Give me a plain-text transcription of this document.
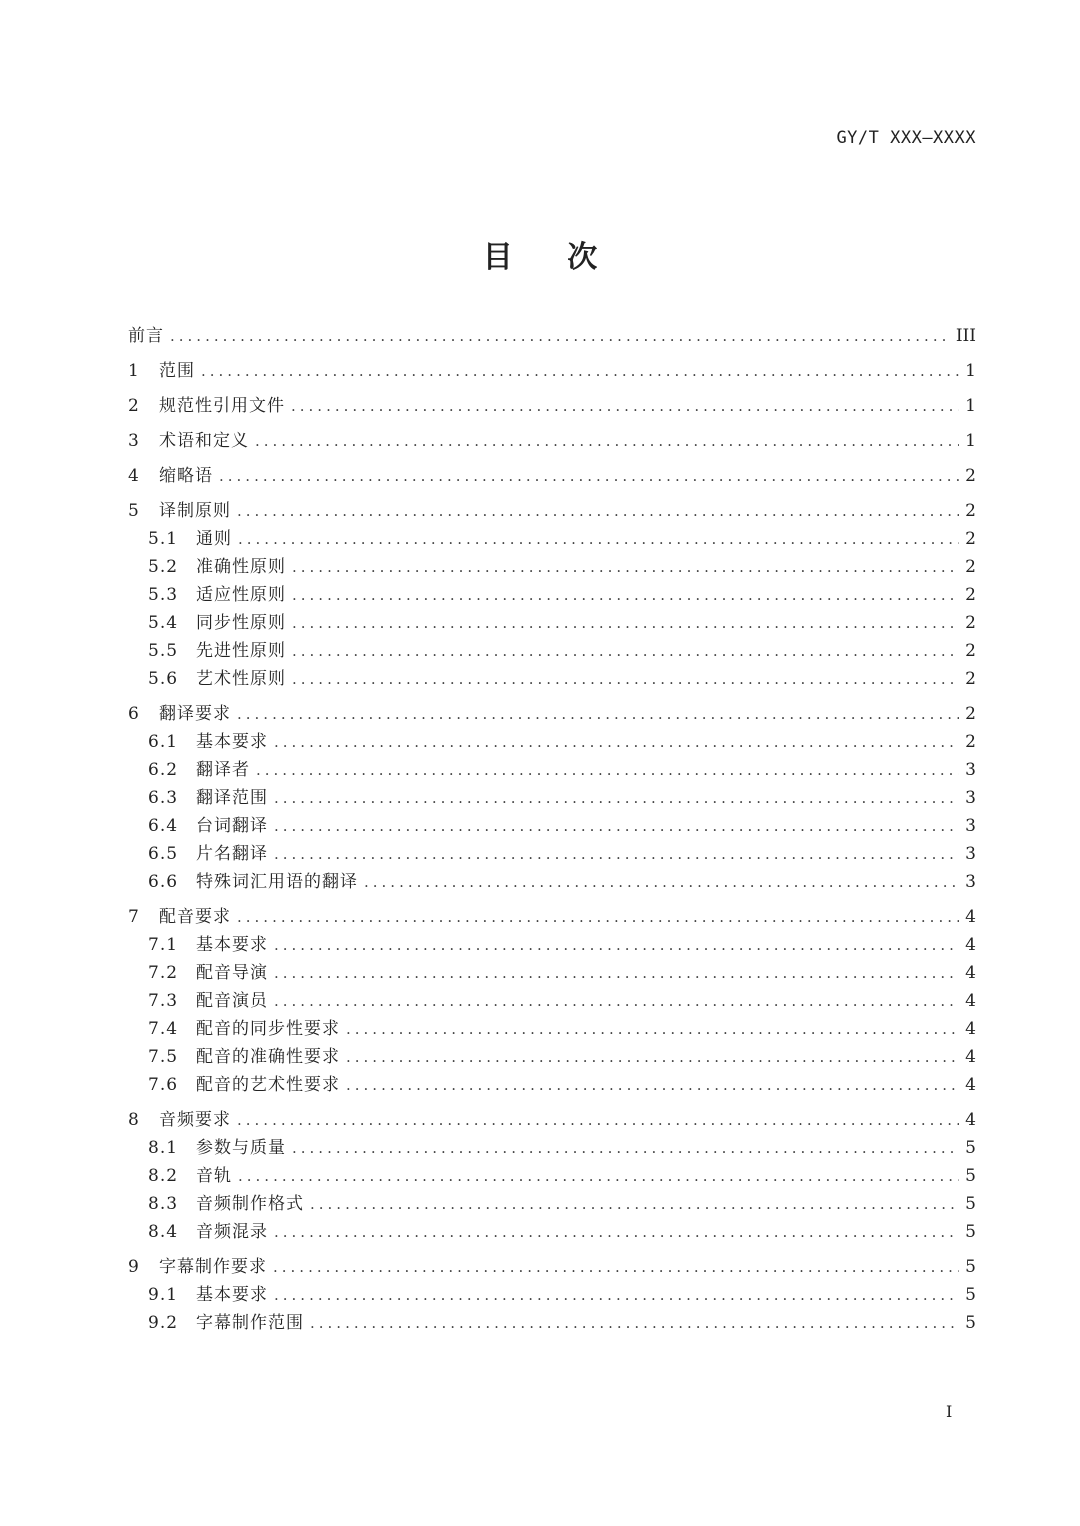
GY/T XXX—XXXX
目 次
前言 .....	III
1	范围 .....	1
2	规范性引用文件 .....	1
3	术语和定义 .....	1
4	缩略语 .....	2
5	译制原则 .....	2
5.1	通则 .....	2
5.2	准确性原则 .....	2
5.3	适应性原则 .....	2
5.4	同步性原则 .....	2
5.5	先进性原则 .....	2
5.6	艺术性原则 .....	2
6	翻译要求 .....	2
6.1	基本要求 .....	2
6.2	翻译者 .....	3
6.3	翻译范围 .....	3
6.4	台词翻译 .....	3
6.5	片名翻译 .....	3
6.6	特殊词汇用语的翻译 .....	3
7	配音要求 .....	4
7.1	基本要求 .....	4
7.2	配音导演 .....	4
7.3	配音演员 .....	4
7.4	配音的同步性要求 .....	4
7.5	配音的准确性要求 .....	4
7.6	配音的艺术性要求 .....	4
8	音频要求 .....	4
8.1	参数与质量 .....	5
8.2	音轨 .....	5
8.3	音频制作格式 .....	5
8.4	音频混录 .....	5
9	字幕制作要求 .....	5
9.1	基本要求 .....	5
9.2	字幕制作范围 .....	5
I
